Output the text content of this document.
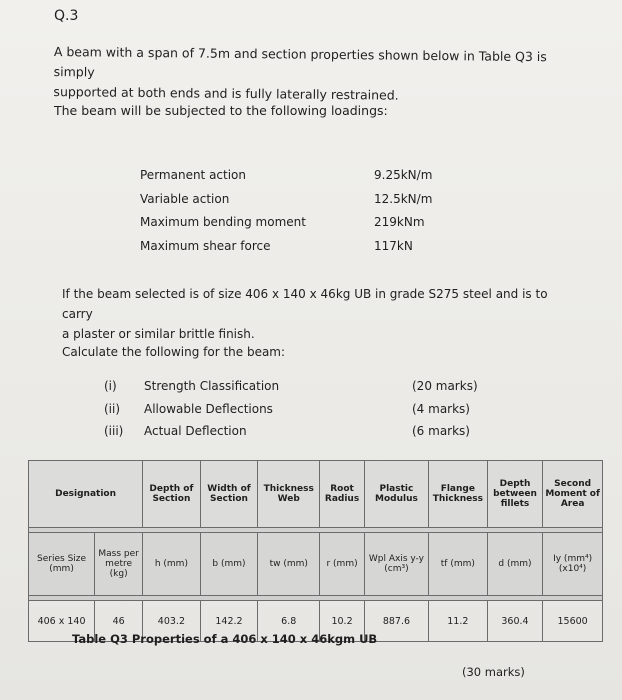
Q.3
A beam with a span of 7.5m and section properties shown below in Table Q3 is simply
supported at both ends and is fully laterally restrained.
The beam will be subjected to the following loadings:
Permanent action	9.25kN/m
Variable action	12.5kN/m
Maximum bending moment	219kNm
Maximum shear force	117kN
If the beam selected is of size 406 x 140 x 46kg UB in grade S275 steel and is to carry
a plaster or similar brittle finish.
Calculate the following for the beam:
(i)	Strength Classification	(20 marks)
(ii)	Allowable Deflections	(4 marks)
(iii)	Actual Deflection	(6 marks)
Designation		Depth of Section	Width of Section	Thickness Web	Root Radius	Plastic Modulus	Flange Thickness	Depth between fillets	Second Moment of Area

Series Size (mm)	Mass per metre (kg)	h (mm)	b (mm)	tw (mm)	r (mm)	Wpl Axis y-y (cm³)	tf (mm)	d (mm)	Iy (mm⁴) (x10⁴)

406 x 140	46	403.2	142.2	6.8	10.2	887.6	11.2	360.4	15600
Table Q3 Properties of a 406 x 140 x 46kgm UB
(30 marks)
